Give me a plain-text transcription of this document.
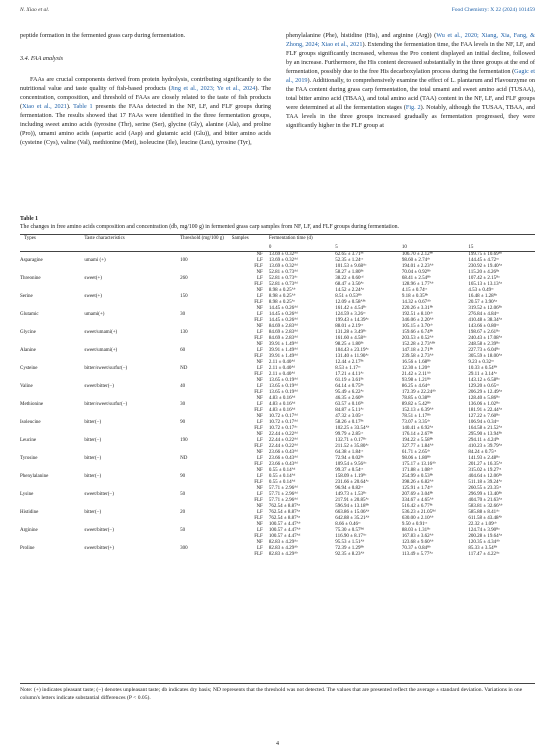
N. Xiao et al.	Food Chemistry: X 22 (2024) 101459

peptide formation in the fermented grass carp during fermentation.

3.4. FAA analysis

FAAs are crucial components derived from protein hydrolysis, contributing significantly to the nutritional value and taste quality of fish-based products (Jing et al., 2023; Ye et al., 2024). The concentration, composition, and threshold of FAAs are closely related to the taste of fish products (Xiao et al., 2021). Table 1 presents the FAAs detected in the NF, LF, and FLF groups during fermentation. The results showed that 17 FAAs were identified in the three fermentation groups, including sweet amino acids (tyrosine (Thr), serine (Ser), glycine (Gly), alanine (Ala), and proline (Pro)), umami amino acids (aspartic acid (Asp) and glutamic acid (Glu)), and bitter amino acids (cysteine (Cys), valine (Val), methionine (Met), isoleucine (Ile), leucine (Leu), tyrosine (Tyr),

phenylalanine (Phe), histidine (His), and arginine (Arg)) (Wu et al., 2020; Xiang, Xia, Fang, & Zhong, 2024; Xiao et al., 2021). Extending the fermentation time, the FAA levels in the NF, LF, and FLF groups significantly increased, whereas the Pro content displayed an initial decline, followed by an increase. Furthermore, the His content decreased substantially in the three groups at the end of fermentation, possibly due to the free His decarboxylation process during the fermentation (Gagic et al., 2019). Additionally, to comprehensively examine the effect of L. plantarum and Flavourzyme on the FAA content during grass carp fermentation, the total umami and sweet amino acid (TUSAA), total bitter amino acid (TBAA), and total amino acid (TAA) content in the NF, LF, and FLF groups were determined at all the fermentation stages (Fig. 2). Notably, although the TUSAA, TBAA, and TAA levels in the three groups increased gradually as fermentation progressed, they were significantly higher in the FLF group at

Table 1
The changes in free amino acids composition and concentration (db, mg/100 g) in fermented grass carp samples from NF, LF, and FLF groups during fermentation.
Types	Taste characteristics	Threshold (mg/100 g)	Samples	Fermentation time (d)			
				0	5	10	15
			NF	13.69 ± 0.32ᴬᵈ	62.65 ± 3.71ᴮᶜ	106.70 ± 2.12ᴮᵇ	199.75 ± 10.69ᴮᵃ
Asparagine	umami (+)	100	LF	13.69 ± 0.32ᴬᵈ	52.35 ± 1.24ᶜᶜ	98.60 ± 2.74ᶜᵇ	144.45 ± 4.72ᶜᵃ
			FLF	13.69 ± 0.32ᴬᵈ	101.53 ± 9.68ᴬᶜ	194.01 ± 2.23ᴬᵇ	230.92 ± 19.40ᴬᵃ
			NF	52.81 ± 0.73ᴬᵈ	58.27 ± 1.80ᴮᶜ	70.04 ± 0.92ᴮᵇ	115.20 ± 4.26ᴮᵃ
Threonine	sweet(+)	260	LF	52.81 ± 0.73ᴬᶜ	38.22 ± 0.60ᶜᵈ	68.41 ± 2.54ᴮᵇ	107.42 ± 2.15ᴮᵃ
			FLF	52.81 ± 0.73ᴬᵈ	68.47 ± 3.50ᴬᶜ	128.96 ± 1.77ᴬᵇ	165.13 ± 13.13ᴬᵃ
			NF	8.98 ± 0.25ᴬᵇ	14.52 ± 2.24ᴬᵃ	4.15 ± 0.74ᶜᶜ	4.53 ± 0.49ᶜᶜ
Serine	sweet(+)	150	LF	8.98 ± 0.25ᴬᵇ	8.51 ± 0.53ᴮᵇ	9.18 ± 0.35ᴮᵇ	16.48 ± 1.28ᴮᵃ
			FLF	8.98 ± 0.25ᴬᶜ	12.09 ± 0.58ᴬᴮᶜ	14.32 ± 0.67ᴬᵇ	20.57 ± 3.90ᴬᵃ
			NF	14.45 ± 0.26ᴬᵈ	161.42 ± 4.54ᴮᶜ	220.26 ± 3.31ᴮᵇ	319.52 ± 12.06ᴮᵃ
Glutamic	umami(+)	30	LF	14.45 ± 0.26ᴬᵈ	124.59 ± 3.26ᶜᶜ	192.51 ± 8.10ᶜᵇ	276.84 ± 4.84ᶜᵃ
			FLF	14.45 ± 0.26ᴬᵈ	199.43 ± 14.39ᴬᶜ	346.06 ± 2.20ᴬᵇ	410.48 ± 38.34ᴬᵃ
			NF	84.69 ± 2.83ᴬᵈ	88.01 ± 2.19ᶜᶜ	105.15 ± 3.70ᶜᵇ	143.66 ± 0.80ᶜᵃ
Glycine	sweet/umami(+)	130	LF	84.69 ± 2.83ᴬᵈ	131.28 ± 3.49ᴮᶜ	159.66 ± 6.74ᴮᵇ	198.67 ± 2.61ᴮᵃ
			FLF	84.69 ± 2.83ᴬᵈ	161.60 ± 4.58ᴬᶜ	203.53 ± 0.52ᴬᵇ	240.43 ± 17.08ᴬᵃ
			NF	39.91 ± 1.49ᴬᵈ	98.25 ± 1.80ᴮᶜ	152.28 ± 2.73ᴬᴮᵇ	248.58 ± 2.39ᴮᵃ
Alanine	sweet/umami(+)	60	LF	39.91 ± 1.49ᴬᵈ	104.43 ± 23.19ᴬᶜ	147.18 ± 2.71ᴮᵇ	227.73 ± 6.04ᴮᵃ
			FLF	39.91 ± 1.49ᴬᵈ	131.40 ± 11.90ᴬᶜ	239.58 ± 2.73ᴬᵇ	305.59 ± 18.00ᴬᵃ
			NF	2.11 ± 0.40ᴬᵈ	12.44 ± 2.17ᴮᶜ	16.56 ± 1.68ᴮᵇ	9.23 ± 0.32ᶜᵃ
Cysteine	bitter/sweet/surfur(−)	ND	LF	2.11 ± 0.40ᴬᵈ	8.53 ± 1.17ᶜᶜ	12.30 ± 1.20ᶜᵇ	10.33 ± 0.54ᴮᵇ
			FLF	2.11 ± 0.40ᴬᵈ	17.21 ± 4.11ᴬᶜ	21.42 ± 2.11ᴬᵇ	29.11 ± 3.14ᴬᵃ
			NF	13.65 ± 0.19ᴬᵈ	61.19 ± 3.61ᴮᶜ	93.98 ± 1.21ᴮᵇ	143.12 ± 6.58ᴮᵃ
Valine	sweet/bitter(−)	40	LF	13.65 ± 0.19ᴬᵈ	64.14 ± 0.75ᴮᶜ	86.25 ± 4.64ᶜᵇ	129.20 ± 0.65ᶜᵃ
			FLF	13.65 ± 0.19ᴬᵈ	95.49 ± 6.22ᴬᶜ	172.39 ± 22.24ᴬᵇ	206.29 ± 12.49ᴬᵃ
			NF	4.83 ± 0.16ᴬᵈ	46.35 ± 2.60ᴮᶜ	78.85 ± 0.38ᴮᵇ	128.40 ± 5.86ᴮᵃ
Methionine	bitter/sweet/surfur(−)	30	LF	4.83 ± 0.16ᴬᵈ	63.57 ± 0.16ᴮᶜ	89.82 ± 5.42ᴮᵇ	136.06 ± 1.02ᴮᵃ
			FLF	4.83 ± 0.16ᴬᵈ	84.87 ± 5.11ᴬᶜ	152.13 ± 6.39ᴬᵇ	181.91 ± 22.44ᴬᵃ
			NF	10.72 ± 0.17ᴬᵈ	47.32 ± 3.05ᶜᶜ	78.51 ± 1.17ᴮᵇ	127.22 ± 7.60ᴮᵃ
Isoleucine	bitter(−)	90	LF	10.72 ± 0.17ᴬᵈ	58.26 ± 0.17ᴮᶜ	73.07 ± 3.35ᶜᵇ	106.94 ± 0.34ᶜᵃ
			FLF	10.72 ± 0.17ᴬᶜ	102.25 ± 33.54ᴬᵇ	140.41 ± 6.92ᴬᵃ	164.58 ± 21.52ᴬᵃ
			NF	22.44 ± 0.22ᴬᵈ	99.79 ± 2.85ᶜᶜ	176.14 ± 2.67ᴮᵇ	295.90 ± 13.94ᴮᵃ
Leucine	bitter(−)	190	LF	22.44 ± 0.22ᴬᵈ	132.71 ± 0.17ᴮᶜ	194.22 ± 5.58ᴮᵇ	294.11 ± 4.24ᴮᵃ
			FLF	22.44 ± 0.22ᴬᵈ	211.52 ± 35.80ᴬᶜ	327.77 ± 1.84ᴬᵇ	410.23 ± 39.79ᴬᵃ
			NF	23.66 ± 0.43ᴬᵈ	64.38 ± 1.84ᶜᶜ	61.71 ± 2.65ᶜᵇ	84.24 ± 0.75ᶜᵃ
Tyrosine	bitter(−)	ND	LF	23.66 ± 0.43ᴬᵈ	72.94 ± 0.02ᴮᶜ	98.06 ± 1.80ᴮᵇ	141.93 ± 2.48ᴮᵃ
			FLF	23.66 ± 0.43ᴬᵈ	109.54 ± 9.56ᴬᶜ	175.17 ± 13.16ᴬᵇ	201.27 ± 16.35ᴬᵃ
			NF	0.55 ± 0.14ᴬᵈ	99.37 ± 0.54ᶜᶜ	171.88 ± 1.08ᶜᵇ	315.02 ± 19.27ᶜᵃ
Phenylalanine	bitter(−)	90	LF	0.55 ± 0.14ᴬᵈ	158.09 ± 1.19ᴮᶜ	254.99 ± 0.53ᴮᵇ	404.64 ± 12.06ᴮᵃ
			FLF	0.55 ± 0.14ᴬᵈ	231.66 ± 20.64ᴬᶜ	398.26 ± 6.82ᴬᵇ	511.18 ± 39.24ᴬᵃ
			NF	57.71 ± 2.96ᴬᵈ	96.94 ± 0.82ᶜᶜ	125.91 ± 1.74ᶜᵇ	260.55 ± 23.35ᶜᵃ
Lysine	sweet/bitter(−)	50	LF	57.71 ± 2.96ᴬᵈ	149.73 ± 1.53ᴮᶜ	207.69 ± 3.04ᴮᵇ	296.99 ± 13.40ᴮᵃ
			FLF	57.71 ± 2.96ᴬᵈ	217.91 ± 20.85ᴬᶜ	334.67 ± 4.65ᴬᵇ	404.70 ± 21.63ᴬᵃ
			NF	762.54 ± 8.87ᴬᵃ	596.94 ± 13.18ᴮᵇ	516.42 ± 6.77ᴮᶜ	583.81 ± 32.66ᴬᵇ
Histidine	bitter(−)	20	LF	762.54 ± 8.87ᴬᵃ	663.86 ± 15.06ᴬᵇ	536.23 ± 21.05ᴮᵈ	585.88 ± 8.41ᴬᶜ
			FLF	762.54 ± 8.87ᴬᵃ	642.88 ± 35.21ᴬᵇ	630.00 ± 2.10ᴬᵇ	611.58 ± 43.48ᴬᵇ
			NF	100.57 ± 4.47ᴬᵇ	8.66 ± 0.46ᶜᶜ	9.50 ± 0.91ᶜᶜ	22.32 ± 1.09ᶜᵇ
Arginine	sweet/bitter(−)	50	LF	100.57 ± 4.47ᴬᵇ	75.30 ± 0.57ᴮᵈ	88.03 ± 1.31ᴮᶜ	124.74 ± 3.90ᴮᵃ
			FLF	100.57 ± 4.47ᴬᵈ	116.90 ± 8.17ᴬᶜ	167.83 ± 3.62ᴬᵇ	200.28 ± 19.64ᴬᵃ
			NF	82.83 ± 4.29ᴬᵃ	95.53 ± 1.51ᴬᵇ	123.68 ± 9.60ᴬᵇ	120.35 ± 4.34ᴬᵇ
Proline	sweet/bitter(+)	300	LF	82.83 ± 4.29ᴬᵇ	72.39 ± 1.29ᴮᵇ	70.37 ± 0.84ᴮᵇ	85.33 ± 3.54ᴮᵇ
			FLF	82.83 ± 4.29ᴬᵇ	92.35 ± 8.23ᴬᵇ	113.49 ± 5.77ᴬᵃ	117.47 ± 4.22ᴬᵃ
Note: (+) indicates pleasant taste; (−) denotes unpleasant taste; db indicates dry basis; ND represents that the threshold was not detected. The values that are presented reflect the average ± standard deviation. Variations in one column's letters indicate substantial differences (P < 0.05).
4
